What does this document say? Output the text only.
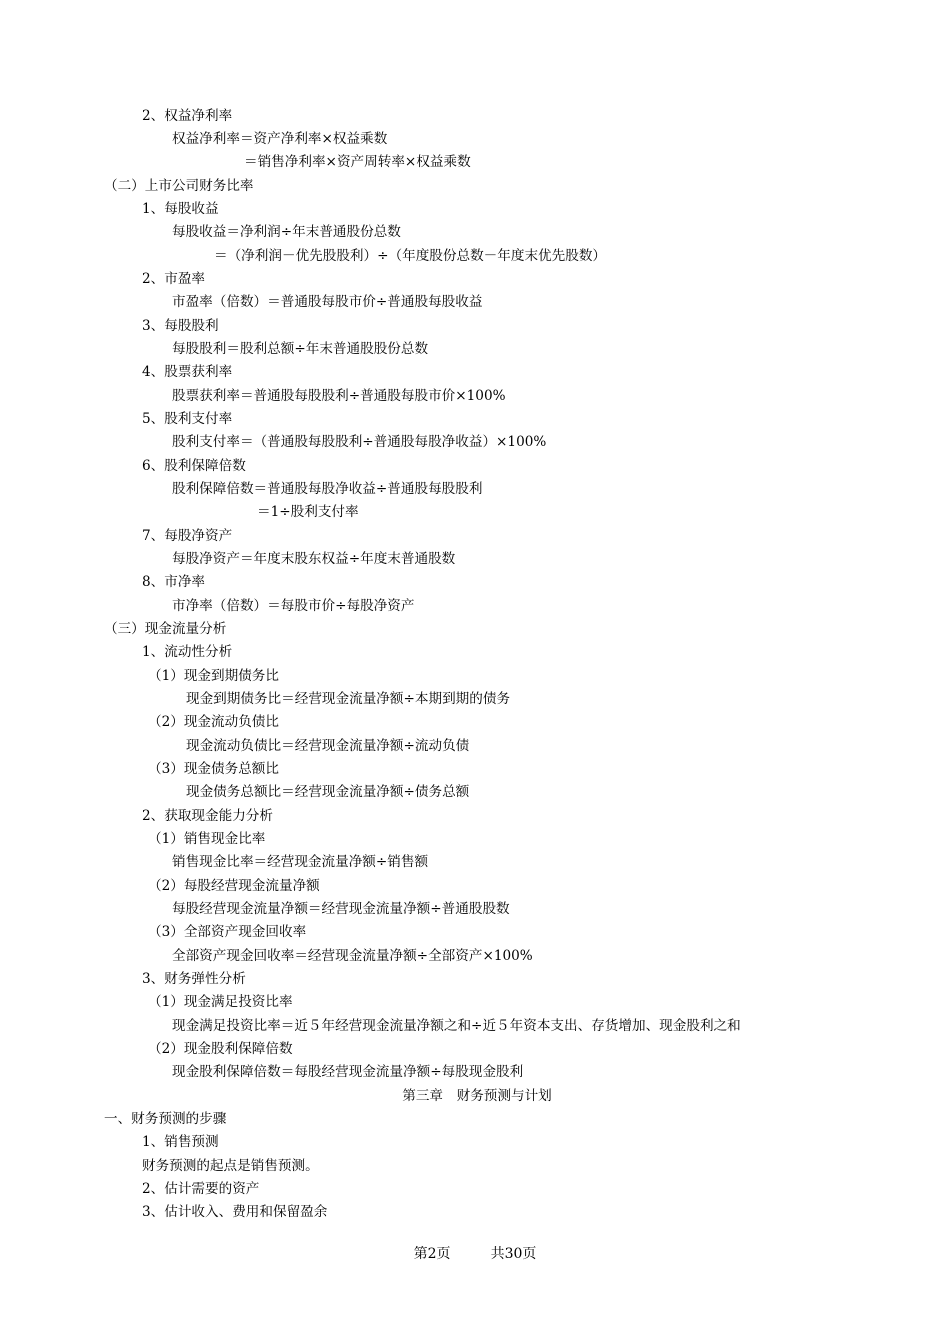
2、权益净利率
权益净利率＝资产净利率×权益乘数
＝销售净利率×资产周转率×权益乘数
（二）上市公司财务比率
1、每股收益
每股收益＝净利润÷年末普通股份总数
＝（净利润－优先股股利）÷（年度股份总数－年度末优先股数）
2、市盈率
市盈率（倍数）＝普通股每股市价÷普通股每股收益
3、每股股利
每股股利＝股利总额÷年末普通股股份总数
4、股票获利率
股票获利率＝普通股每股股利÷普通股每股市价×100%
5、股利支付率
股利支付率＝（普通股每股股利÷普通股每股净收益）×100%
6、股利保障倍数
股利保障倍数＝普通股每股净收益÷普通股每股股利
＝1÷股利支付率
7、每股净资产
每股净资产＝年度末股东权益÷年度末普通股数
8、市净率
市净率（倍数）＝每股市价÷每股净资产
（三）现金流量分析
1、流动性分析
（1）现金到期债务比
现金到期债务比＝经营现金流量净额÷本期到期的债务
（2）现金流动负债比
现金流动负债比＝经营现金流量净额÷流动负债
（3）现金债务总额比
现金债务总额比＝经营现金流量净额÷债务总额
2、获取现金能力分析
（1）销售现金比率
销售现金比率＝经营现金流量净额÷销售额
（2）每股经营现金流量净额
每股经营现金流量净额＝经营现金流量净额÷普通股股数
（3）全部资产现金回收率
全部资产现金回收率＝经营现金流量净额÷全部资产×100%
3、财务弹性分析
（1）现金满足投资比率
现金满足投资比率＝近５年经营现金流量净额之和÷近５年资本支出、存货增加、现金股利之和
（2）现金股利保障倍数
现金股利保障倍数＝每股经营现金流量净额÷每股现金股利
第三章　财务预测与计划
一、财务预测的步骤
1、销售预测
财务预测的起点是销售预测。
2、估计需要的资产
3、估计收入、费用和保留盈余
第2页	共30页
